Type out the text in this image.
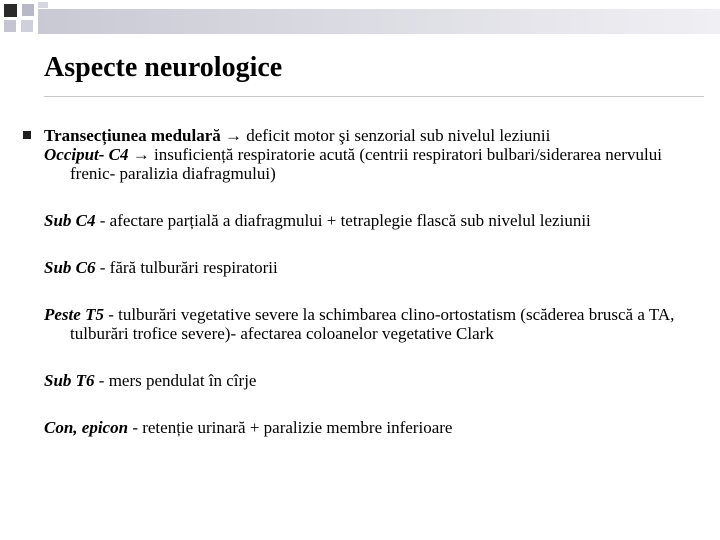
Aspecte neurologice

Transecțiunea medulară → deficit motor şi senzorial sub nivelul leziunii

Occiput- C4 → insuficiență respiratorie acută (centrii respiratori bulbari/siderarea nervului frenic- paralizia diafragmului)

Sub C4 - afectare parțială a diafragmului + tetraplegie flască sub nivelul leziunii

Sub C6 - fără tulburări respiratorii

Peste T5 - tulburări vegetative severe la schimbarea clino-ortostatism (scăderea bruscă a TA, tulburări trofice severe)- afectarea coloanelor vegetative Clark

Sub T6 - mers pendulat în cîrje

Con, epicon - retenție urinară + paralizie membre inferioare
